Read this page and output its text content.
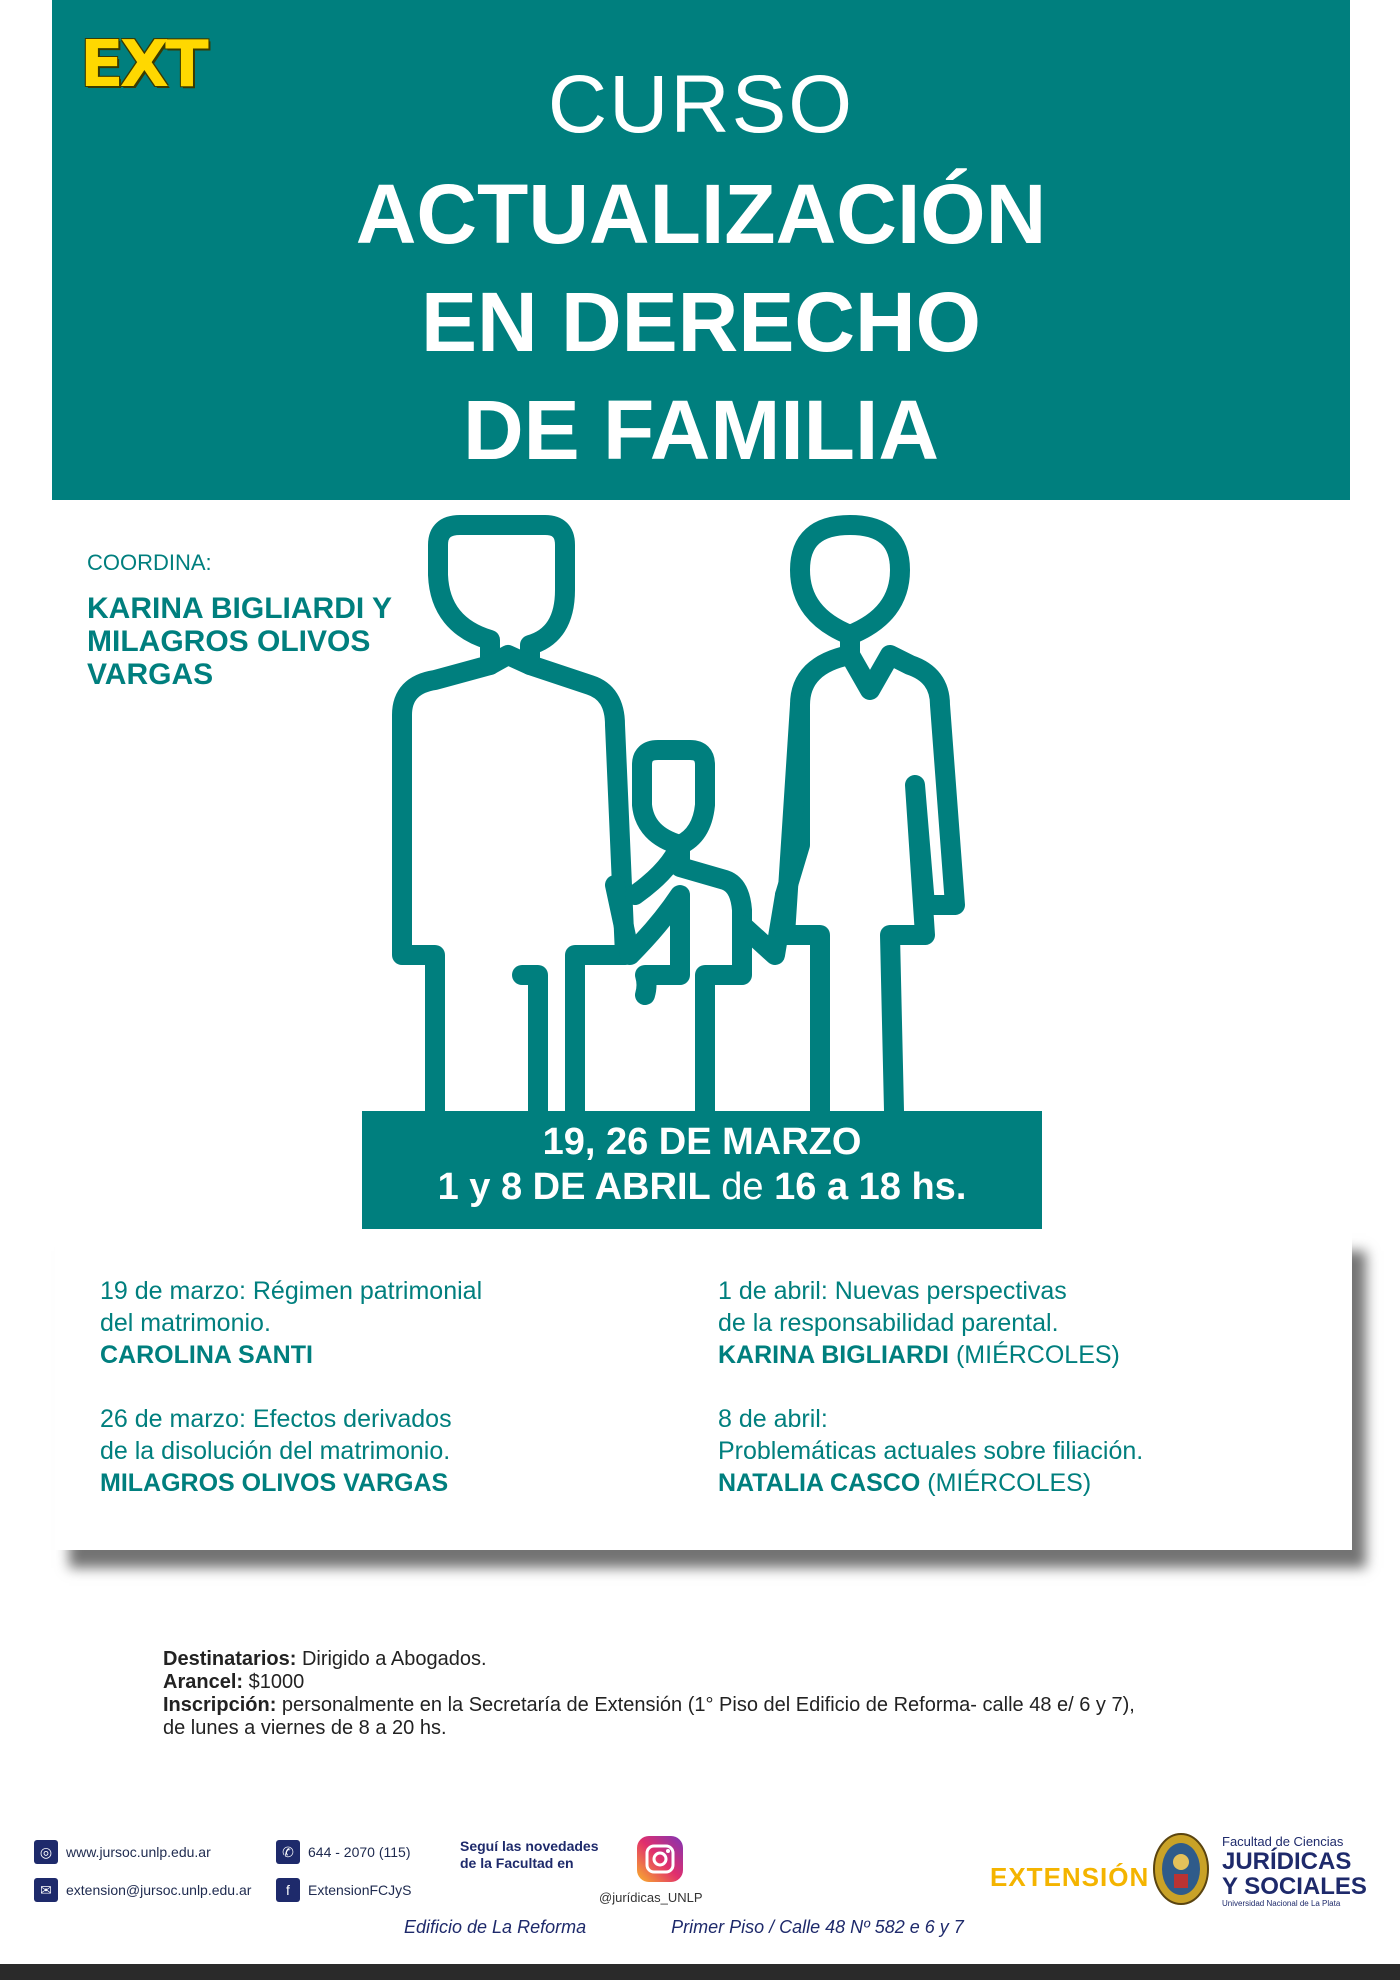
EXT	CURSO
ACTUALIZACIÓN
EN DERECHO
DE FAMILIA
COORDINA:
KARINA BIGLIARDI Y MILAGROS OLIVOS VARGAS
19, 26 DE MARZO
1 y 8 DE ABRIL de 16 a 18 hs.
19 de marzo: Régimen patrimonial
del matrimonio.
CAROLINA SANTI
26 de marzo: Efectos derivados
de la disolución del matrimonio.
MILAGROS OLIVOS VARGAS
1 de abril: Nuevas perspectivas
de la responsabilidad parental.
KARINA BIGLIARDI (MIÉRCOLES)
8 de abril:
Problemáticas actuales sobre filiación.
NATALIA CASCO (MIÉRCOLES)
Destinatarios: Dirigido a Abogados.
Arancel: $1000
Inscripción: personalmente en la Secretaría de Extensión (1° Piso del Edificio de Reforma- calle 48 e/ 6 y 7),
de lunes a viernes de 8 a 20 hs.
◎ www.jursoc.unlp.edu.ar
✉	extension@jursoc.unlp.edu.ar
✆	644 - 2070 (115)
f	ExtensionFCJyS
Seguí las novedades
de la Facultad en
@jurídicas_UNLP
Edificio de La Reforma	Primer Piso / Calle 48 Nº 582 e 6 y 7
EXTENSIÓN
Facultad de Ciencias
JURÍDICAS
Y SOCIALES
Universidad Nacional de La Plata
